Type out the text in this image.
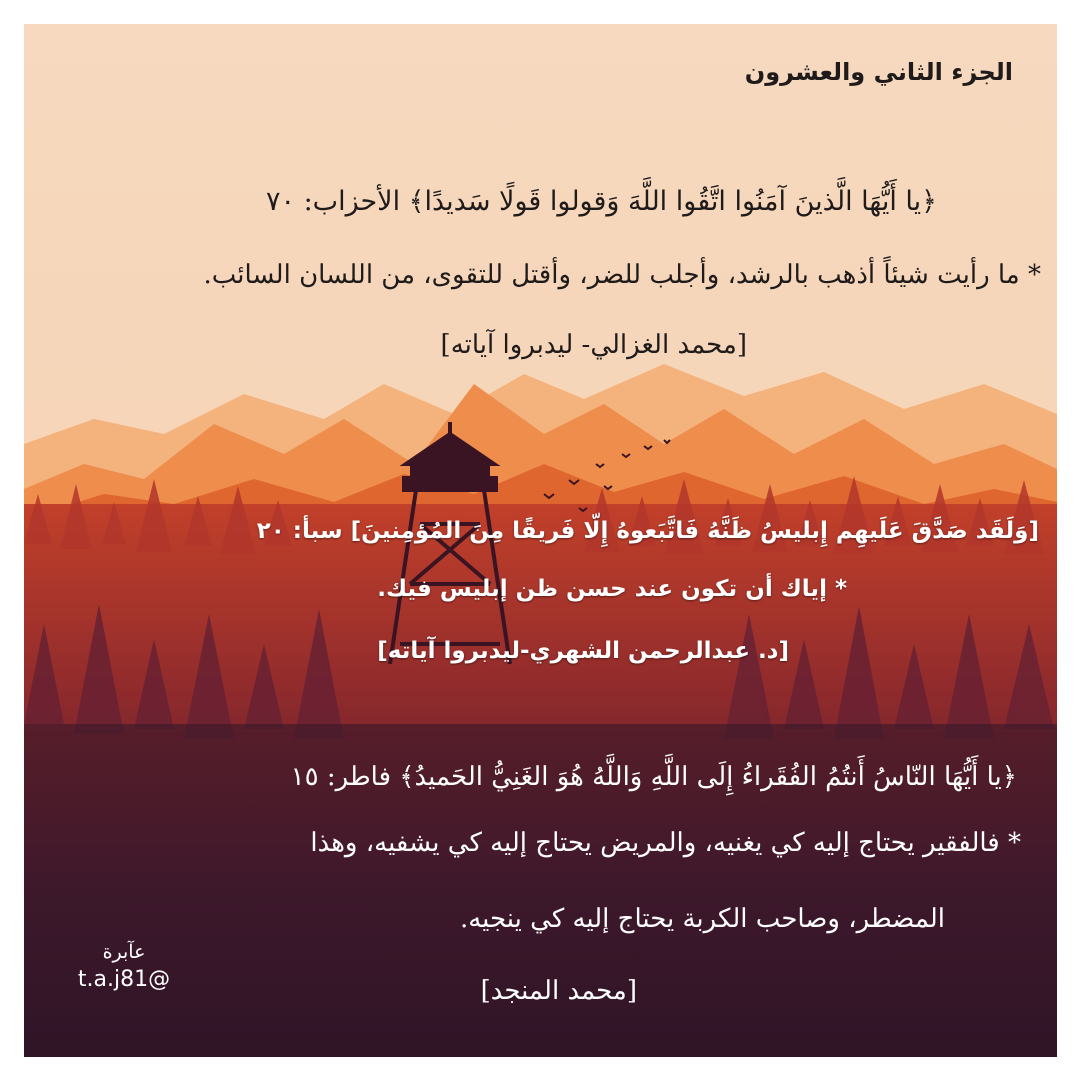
الجزء الثاني والعشرون
﴿يا أَيُّهَا الَّذينَ آمَنُوا اتَّقُوا اللَّهَ وَقولوا قَولًا سَديدًا﴾ الأحزاب: ٧٠
* ما رأيت شيئاً أذهب بالرشد، وأجلب للضر، وأقتل للتقوى، من اللسان السائب.
[محمد الغزالي- ليدبروا آياته]
[وَلَقَد صَدَّقَ عَلَيهِم إِبليسُ ظَنَّهُ فَاتَّبَعوهُ إِلّا فَريقًا مِنَ المُؤمِنينَ] سبأ: ٢٠
* إياك أن تكون عند حسن ظن إبليس فيك.
[د. عبدالرحمن الشهري-ليدبروا آياته]
﴿يا أَيُّهَا النّاسُ أَنتُمُ الفُقَراءُ إِلَى اللَّهِ وَاللَّهُ هُوَ الغَنِيُّ الحَميدُ﴾ فاطر: ١٥
* فالفقير يحتاج إليه كي يغنيه، والمريض يحتاج إليه كي يشفيه، وهذا
المضطر، وصاحب الكربة يحتاج إليه كي ينجيه.
[محمد المنجد]
عآبرة
t.a.j81@
